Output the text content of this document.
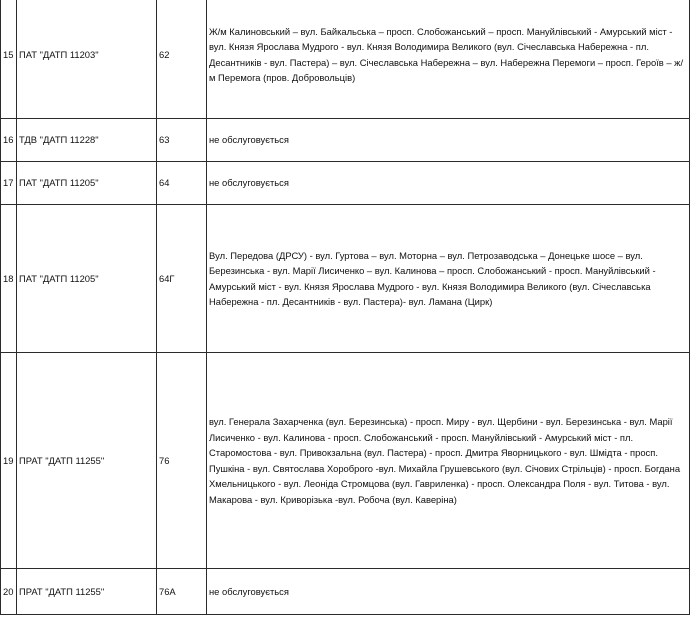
15	ПАТ "ДАТП 11203"	62	Ж/м Калиновський – вул. Байкальська – просп. Слобожанський – просп. Мануйлівський - Амурський міст - вул. Князя Ярослава Мудрого - вул. Князя Володимира Великого (вул. Січеславська Набережна - пл. Десантників - вул. Пастера) – вул. Січеславська Набережна – вул. Набережна Перемоги – просп. Героїв – ж/м Перемога (пров. Добровольців)
16	ТДВ "ДАТП 11228"	63	не обслуговується
17	ПАТ "ДАТП 11205"	64	не обслуговується
18	ПАТ "ДАТП 11205"	64Г	Вул. Передова (ДРСУ) - вул. Гуртова – вул. Моторна – вул. Петрозаводська – Донецьке шосе – вул. Березинська - вул. Марії Лисиченко – вул. Калинова – просп. Слобожанський - просп. Мануйлівський - Амурський міст - вул. Князя Ярослава Мудрого - вул. Князя Володимира Великого (вул. Січеславська Набережна - пл. Десантників - вул. Пастера)- вул. Ламана (Цирк)
19	ПРАТ "ДАТП 11255"	76	вул. Генерала Захарченка (вул. Березинська) - просп. Миру - вул. Щербини - вул. Березинська - вул. Марії Лисиченко - вул. Калинова - просп. Слобожанський - просп. Мануйлівський - Амурський міст - пл. Старомостова - вул. Привокзальна (вул. Пастера) - просп. Дмитра Яворницького - вул. Шмідта - просп. Пушкіна - вул. Святослава Хороброго -вул. Михайла Грушевського (вул. Січових Стрільців) - просп. Богдана Хмельницького - вул. Леоніда Стромцова (вул. Гавриленка) - просп. Олександра Поля - вул. Титова - вул. Макарова - вул. Криворізька -вул. Робоча (вул. Каверіна)
20	ПРАТ "ДАТП 11255"	76А	не обслуговується
